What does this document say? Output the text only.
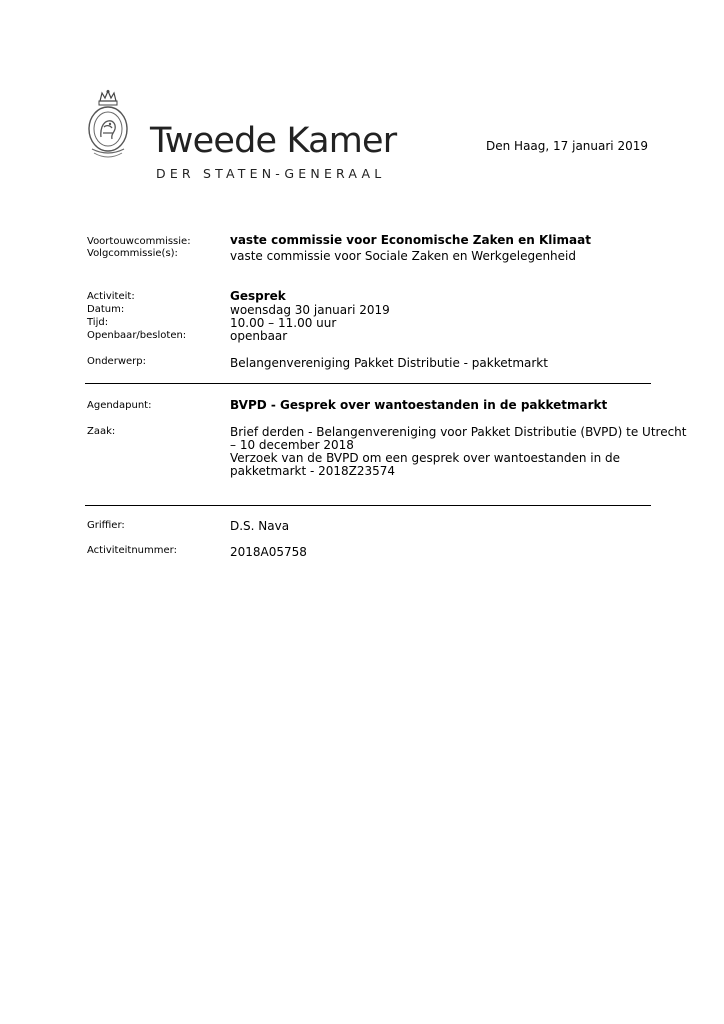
Tweede Kamer
DER STATEN-GENERAAL
Den Haag, 17 januari 2019
Voortouwcommissie:	vaste commissie voor Economische Zaken en Klimaat
Volgcommissie(s):	vaste commissie voor Sociale Zaken en Werkgelegenheid
Activiteit:	Gesprek
Datum:	woensdag 30 januari 2019
Tijd:	10.00 – 11.00 uur
Openbaar/besloten:	openbaar
Onderwerp:	Belangenvereniging Pakket Distributie - pakketmarkt
Agendapunt:	BVPD - Gesprek over wantoestanden in de pakketmarkt
Zaak:	Brief derden - Belangenvereniging voor Pakket Distributie (BVPD) te Utrecht
– 10 december 2018
Verzoek van de BVPD om een gesprek over wantoestanden in de
pakketmarkt - 2018Z23574
Griffier:	D.S. Nava
Activiteitnummer:	2018A05758
